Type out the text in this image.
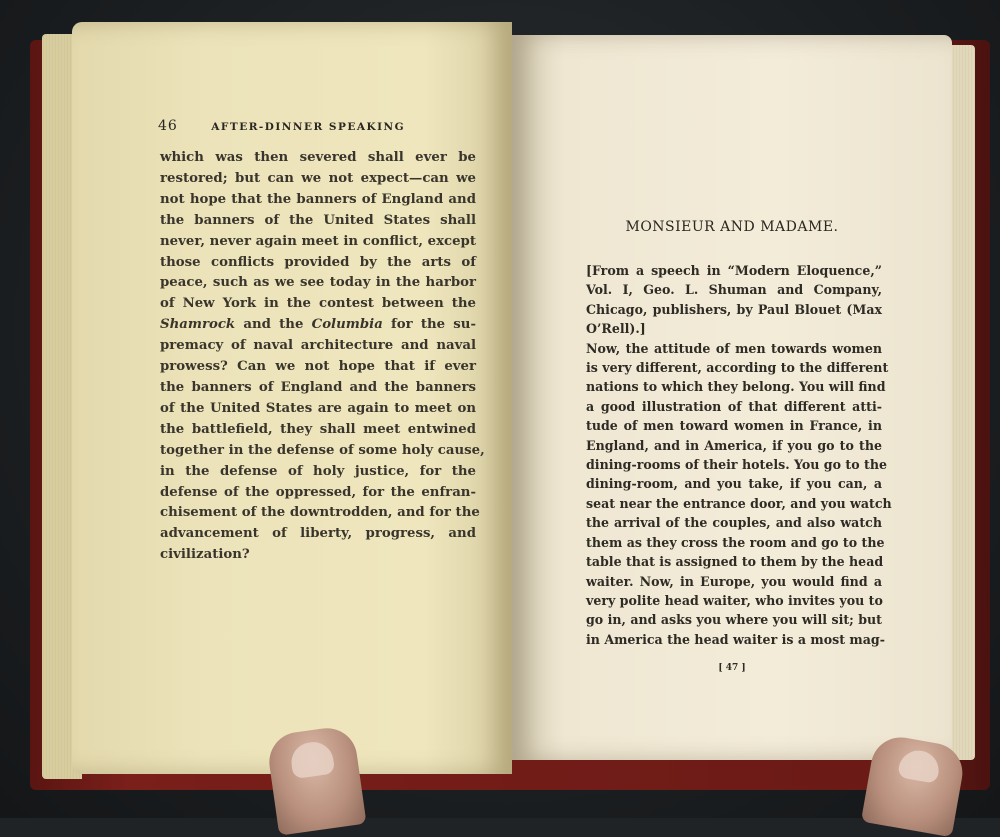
46	AFTER-DINNER SPEAKING
which was then severed shall ever be
restored; but can we not expect—can we
not hope that the banners of England and
the banners of the United States shall
never, never again meet in conflict, except
those conflicts provided by the arts of
peace, such as we see today in the harbor
of New York in the contest between the
Shamrock and the Columbia for the su-
premacy of naval architecture and naval
prowess? Can we not hope that if ever
the banners of England and the banners
of the United States are again to meet on
the battlefield, they shall meet entwined
together in the defense of some holy cause,
in the defense of holy justice, for the
defense of the oppressed, for the enfran-
chisement of the downtrodden, and for the
advancement of liberty, progress, and
civilization?
MONSIEUR AND MADAME.
[From a speech in “Modern Eloquence,”
Vol. I, Geo. L. Shuman and Company,
Chicago, publishers, by Paul Blouet (Max
O’Rell).]
Now, the attitude of men towards women
is very different, according to the different
nations to which they belong. You will find
a good illustration of that different atti-
tude of men toward women in France, in
England, and in America, if you go to the
dining-rooms of their hotels. You go to the
dining-room, and you take, if you can, a
seat near the entrance door, and you watch
the arrival of the couples, and also watch
them as they cross the room and go to the
table that is assigned to them by the head
waiter. Now, in Europe, you would find a
very polite head waiter, who invites you to
go in, and asks you where you will sit; but
in America the head waiter is a most mag-
[ 47 ]
